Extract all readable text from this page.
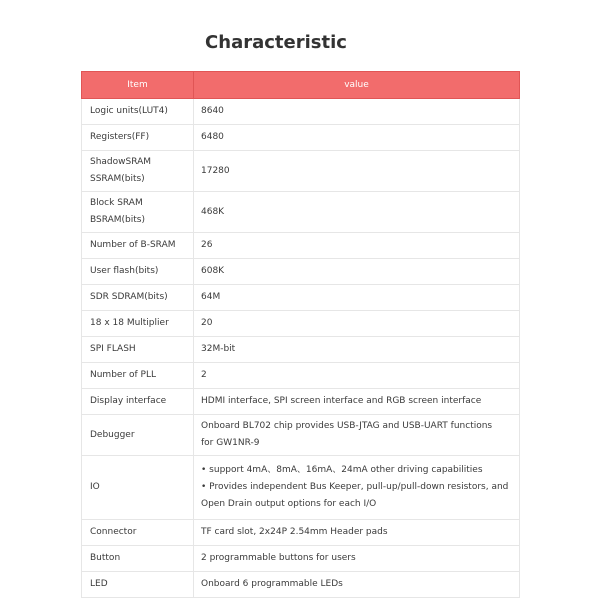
Characteristic
Item	value

Logic units(LUT4)	8640

Registers(FF)	6480

ShadowSRAM
SSRAM(bits)	17280

Block SRAM
BSRAM(bits)	468K

Number of B-SRAM	26

User flash(bits)	608K

SDR SDRAM(bits)	64M

18 x 18 Multiplier	20

SPI FLASH	32M-bit

Number of PLL	2

Display interface	HDMI interface, SPI screen interface and RGB screen interface

Debugger	Onboard BL702 chip provides USB-JTAG and USB-UART functions
for GW1NR-9

IO	• support 4mA、8mA、16mA、24mA other driving capabilities
• Provides independent Bus Keeper, pull-up/pull-down resistors, and
Open Drain output options for each I/O

Connector	TF card slot, 2x24P 2.54mm Header pads

Button	2 programmable buttons for users

LED	Onboard 6 programmable LEDs
